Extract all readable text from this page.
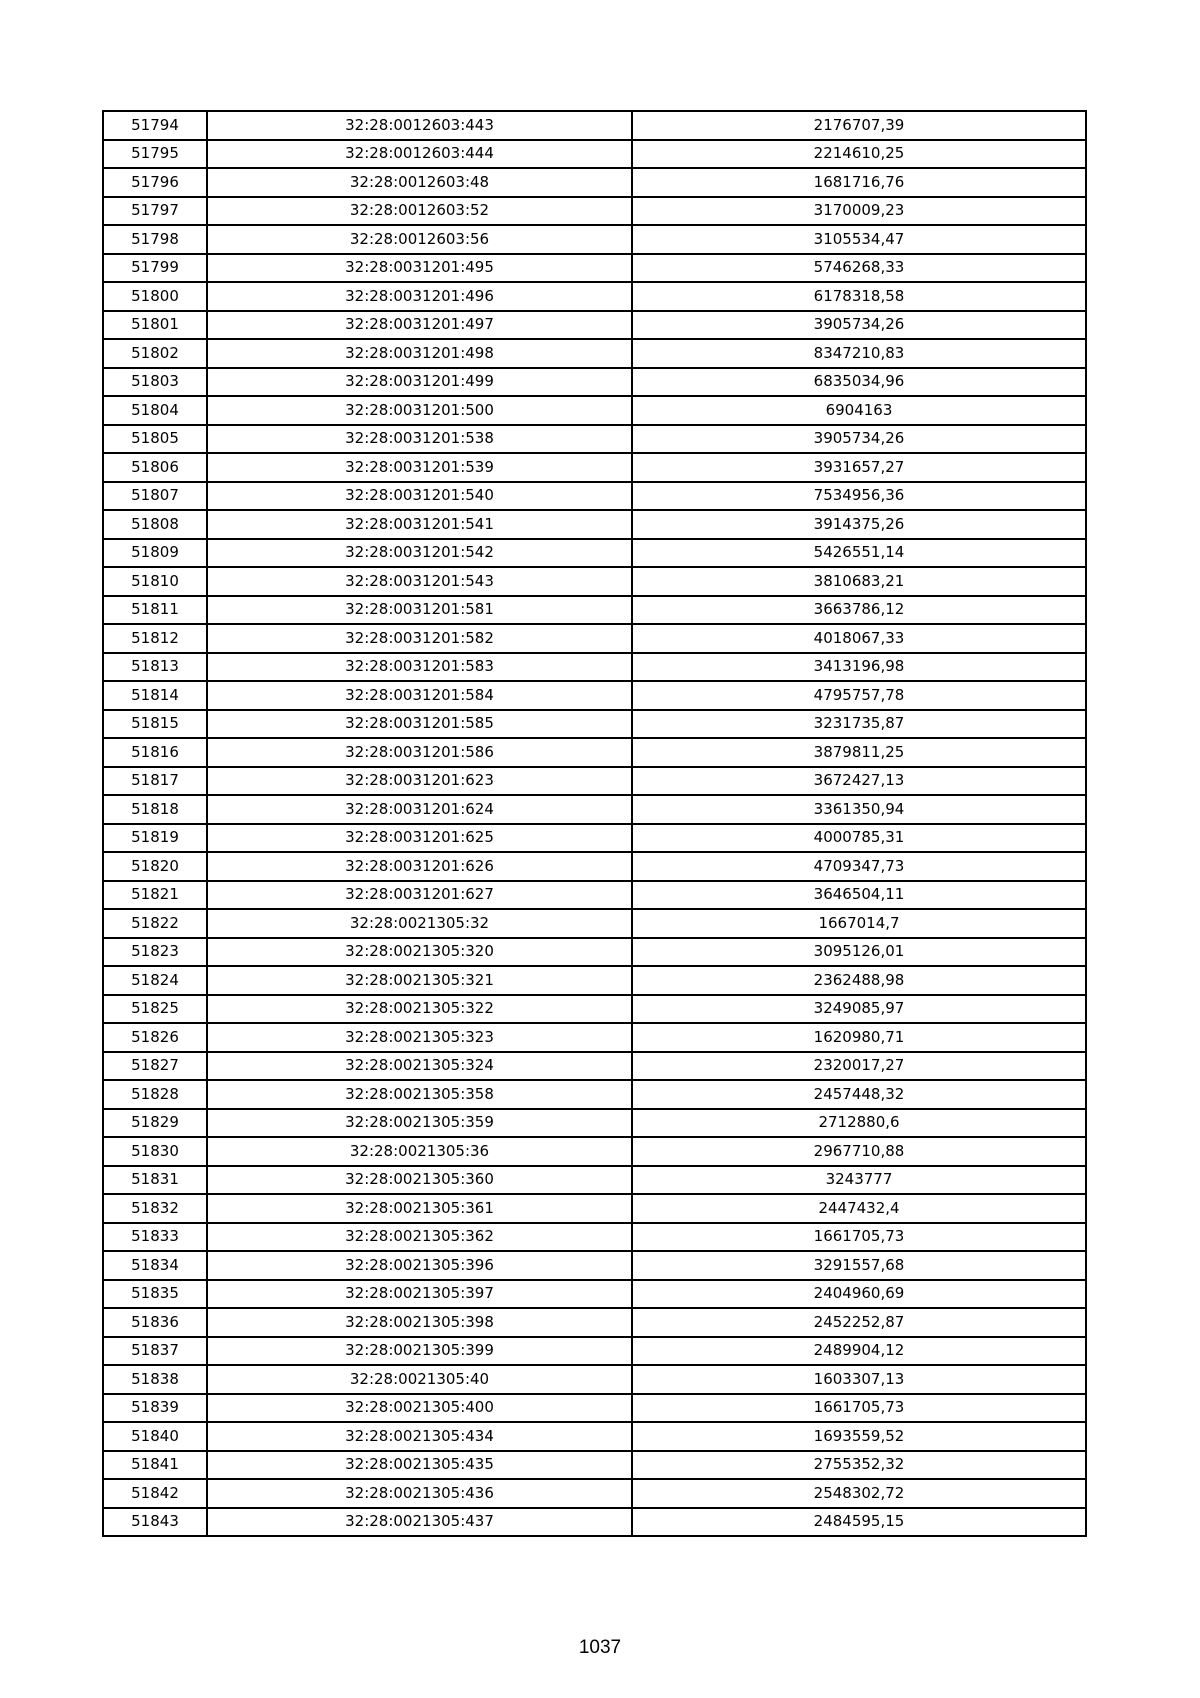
51794	32:28:0012603:443	2176707,39
51795	32:28:0012603:444	2214610,25
51796	32:28:0012603:48	1681716,76
51797	32:28:0012603:52	3170009,23
51798	32:28:0012603:56	3105534,47
51799	32:28:0031201:495	5746268,33
51800	32:28:0031201:496	6178318,58
51801	32:28:0031201:497	3905734,26
51802	32:28:0031201:498	8347210,83
51803	32:28:0031201:499	6835034,96
51804	32:28:0031201:500	6904163
51805	32:28:0031201:538	3905734,26
51806	32:28:0031201:539	3931657,27
51807	32:28:0031201:540	7534956,36
51808	32:28:0031201:541	3914375,26
51809	32:28:0031201:542	5426551,14
51810	32:28:0031201:543	3810683,21
51811	32:28:0031201:581	3663786,12
51812	32:28:0031201:582	4018067,33
51813	32:28:0031201:583	3413196,98
51814	32:28:0031201:584	4795757,78
51815	32:28:0031201:585	3231735,87
51816	32:28:0031201:586	3879811,25
51817	32:28:0031201:623	3672427,13
51818	32:28:0031201:624	3361350,94
51819	32:28:0031201:625	4000785,31
51820	32:28:0031201:626	4709347,73
51821	32:28:0031201:627	3646504,11
51822	32:28:0021305:32	1667014,7
51823	32:28:0021305:320	3095126,01
51824	32:28:0021305:321	2362488,98
51825	32:28:0021305:322	3249085,97
51826	32:28:0021305:323	1620980,71
51827	32:28:0021305:324	2320017,27
51828	32:28:0021305:358	2457448,32
51829	32:28:0021305:359	2712880,6
51830	32:28:0021305:36	2967710,88
51831	32:28:0021305:360	3243777
51832	32:28:0021305:361	2447432,4
51833	32:28:0021305:362	1661705,73
51834	32:28:0021305:396	3291557,68
51835	32:28:0021305:397	2404960,69
51836	32:28:0021305:398	2452252,87
51837	32:28:0021305:399	2489904,12
51838	32:28:0021305:40	1603307,13
51839	32:28:0021305:400	1661705,73
51840	32:28:0021305:434	1693559,52
51841	32:28:0021305:435	2755352,32
51842	32:28:0021305:436	2548302,72
51843	32:28:0021305:437	2484595,15
1037
